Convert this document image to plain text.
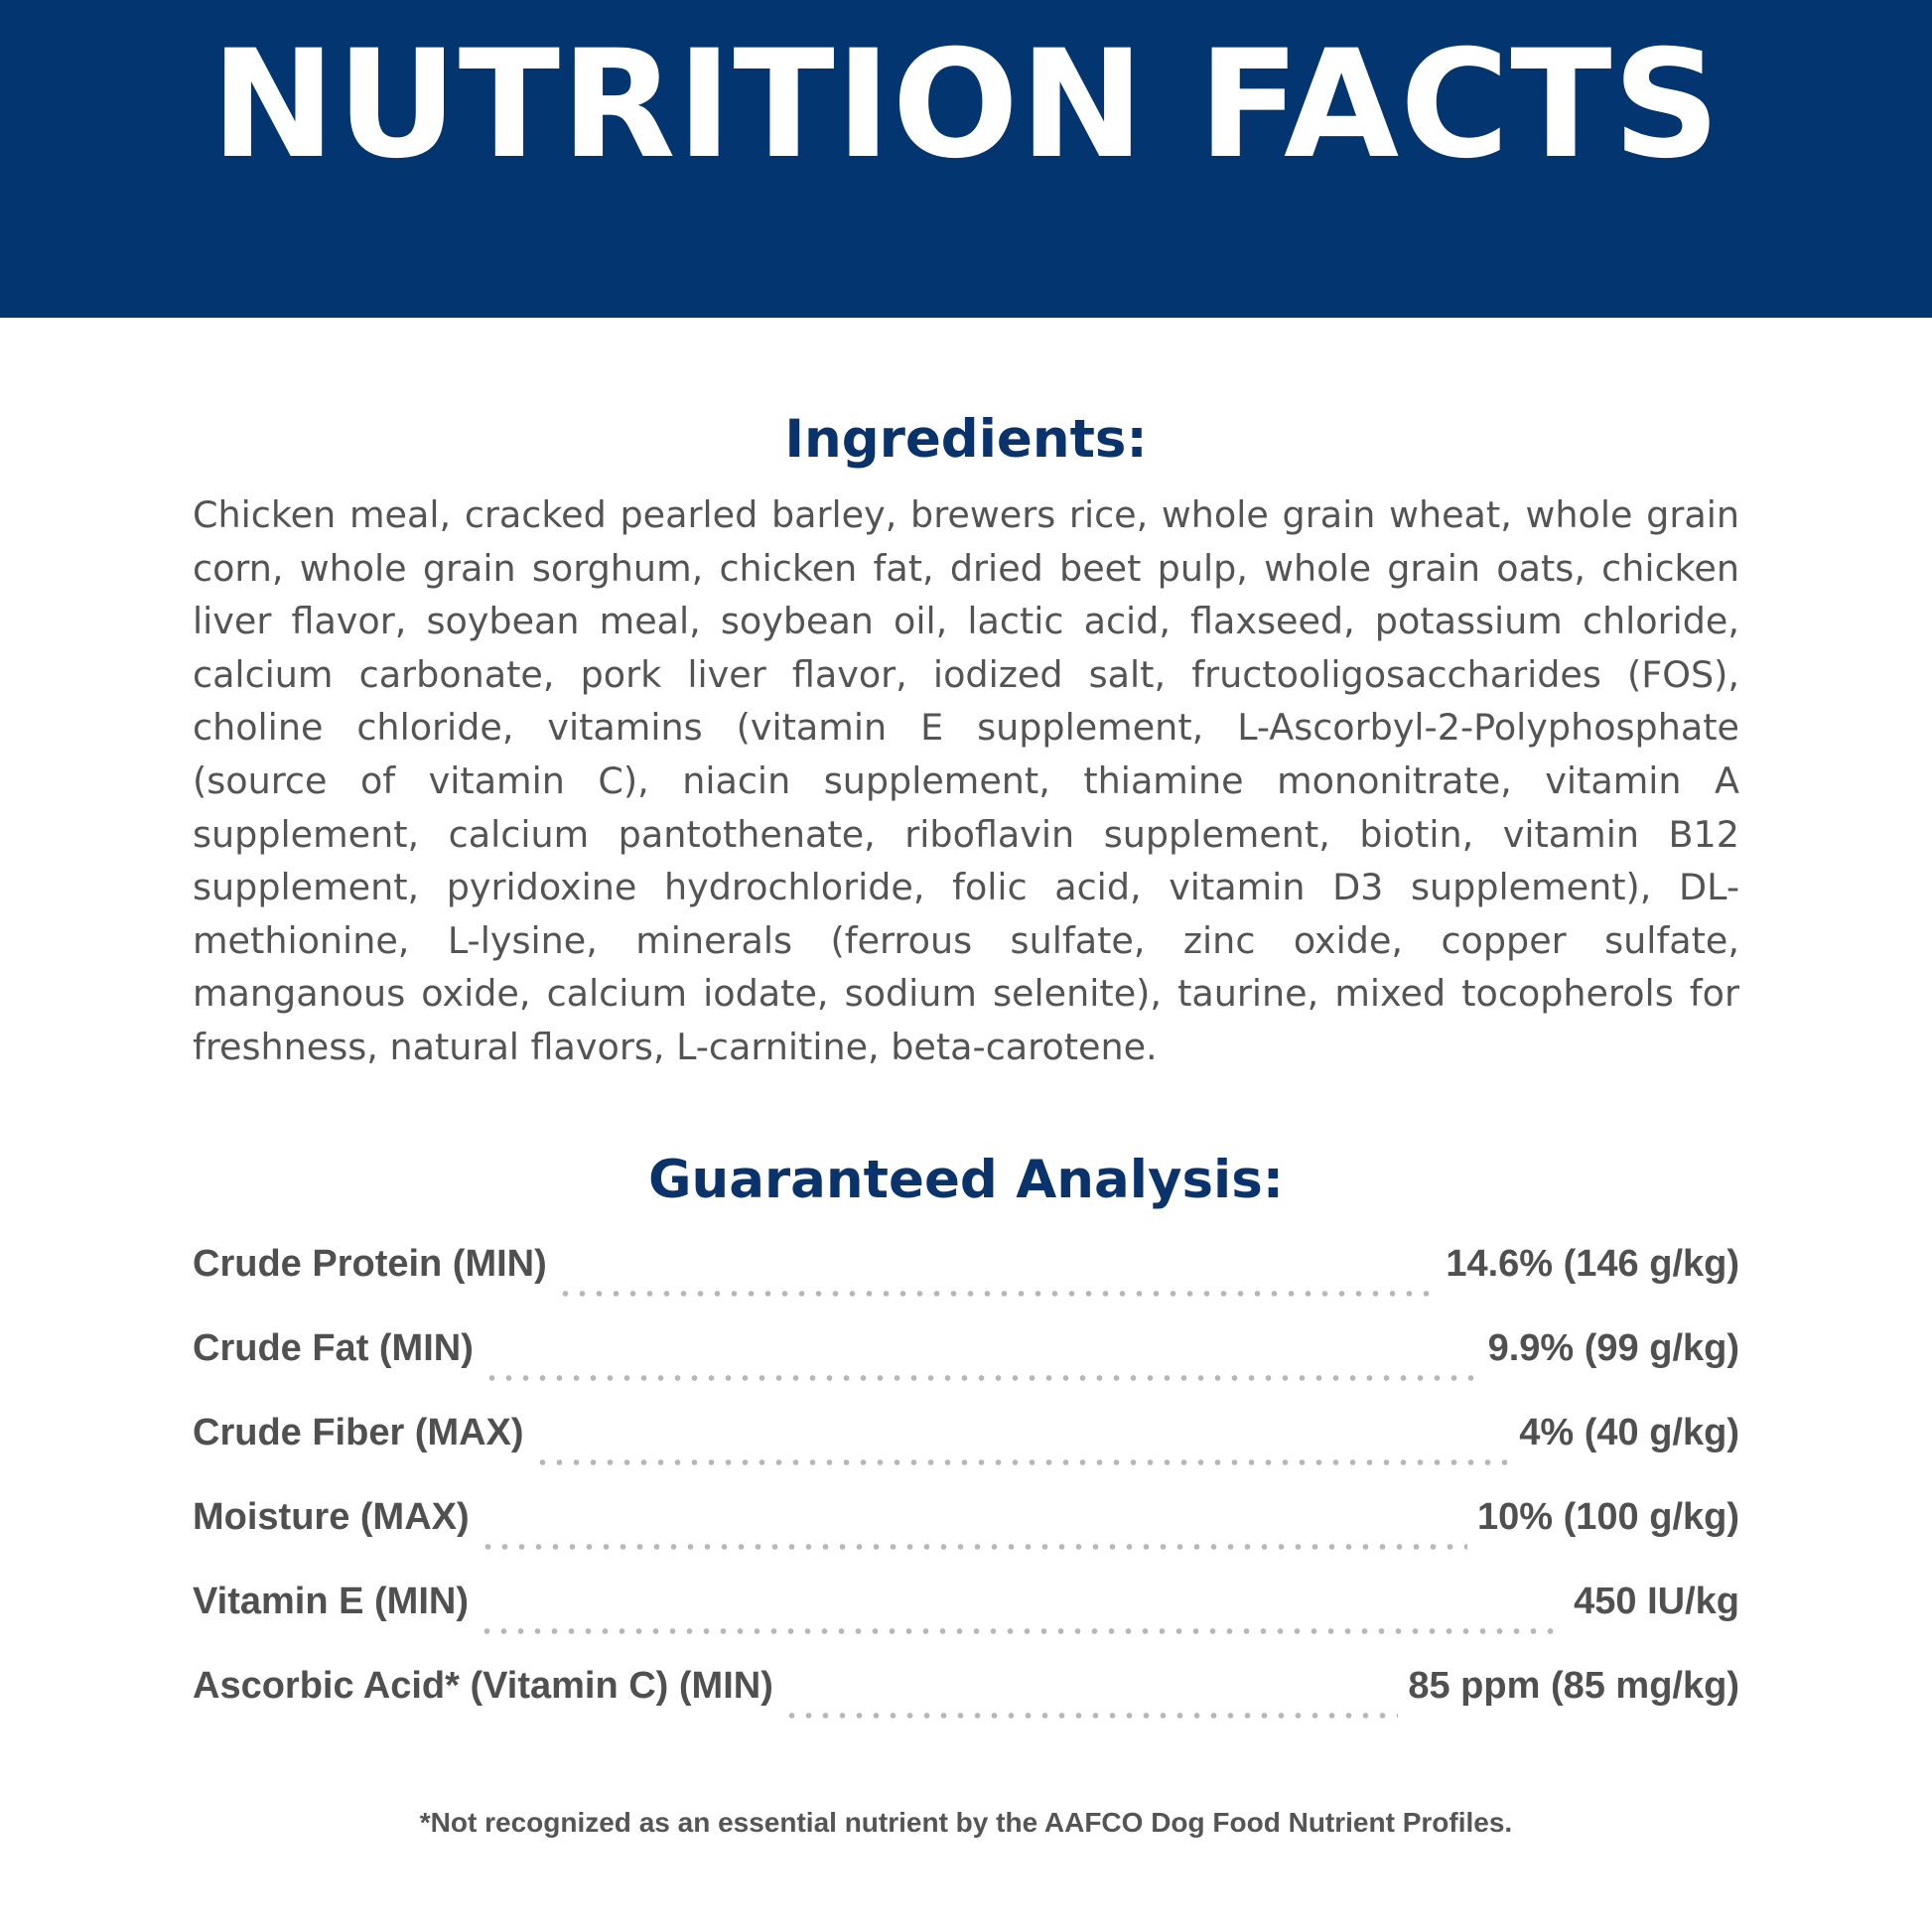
NUTRITION FACTS
Ingredients:

Chicken meal, cracked pearled barley, brewers rice, whole grain wheat, whole grain corn, whole grain sorghum, chicken fat, dried beet pulp, whole grain oats, chicken liver flavor, soybean meal, soybean oil, lactic acid, flaxseed, potassium chloride, calcium carbonate, pork liver flavor, iodized salt, fructooligosaccharides (FOS), choline chloride, vitamins (vitamin E supplement, L-Ascorbyl-2-Polyphosphate (source of vitamin C), niacin supplement, thiamine mononitrate, vitamin A supplement, calcium pantothenate, riboflavin supplement, biotin, vitamin B12 supplement, pyridoxine hydrochloride, folic acid, vitamin D3 supplement), DL-methionine, L-lysine, minerals (ferrous sulfate, zinc oxide, copper sulfate, manganous oxide, calcium iodate, sodium selenite), taurine, mixed tocopherols for freshness, natural flavors, L-carnitine, beta-carotene.

Guaranteed Analysis:
Crude Protein (MIN)	14.6% (146 g/kg)
Crude Fat (MIN)	9.9% (99 g/kg)
Crude Fiber (MAX)	4% (40 g/kg)
Moisture (MAX)	10% (100 g/kg)
Vitamin E (MIN)	450 IU/kg
Ascorbic Acid* (Vitamin C) (MIN)	85 ppm (85 mg/kg)

*Not recognized as an essential nutrient by the AAFCO Dog Food Nutrient Profiles.
